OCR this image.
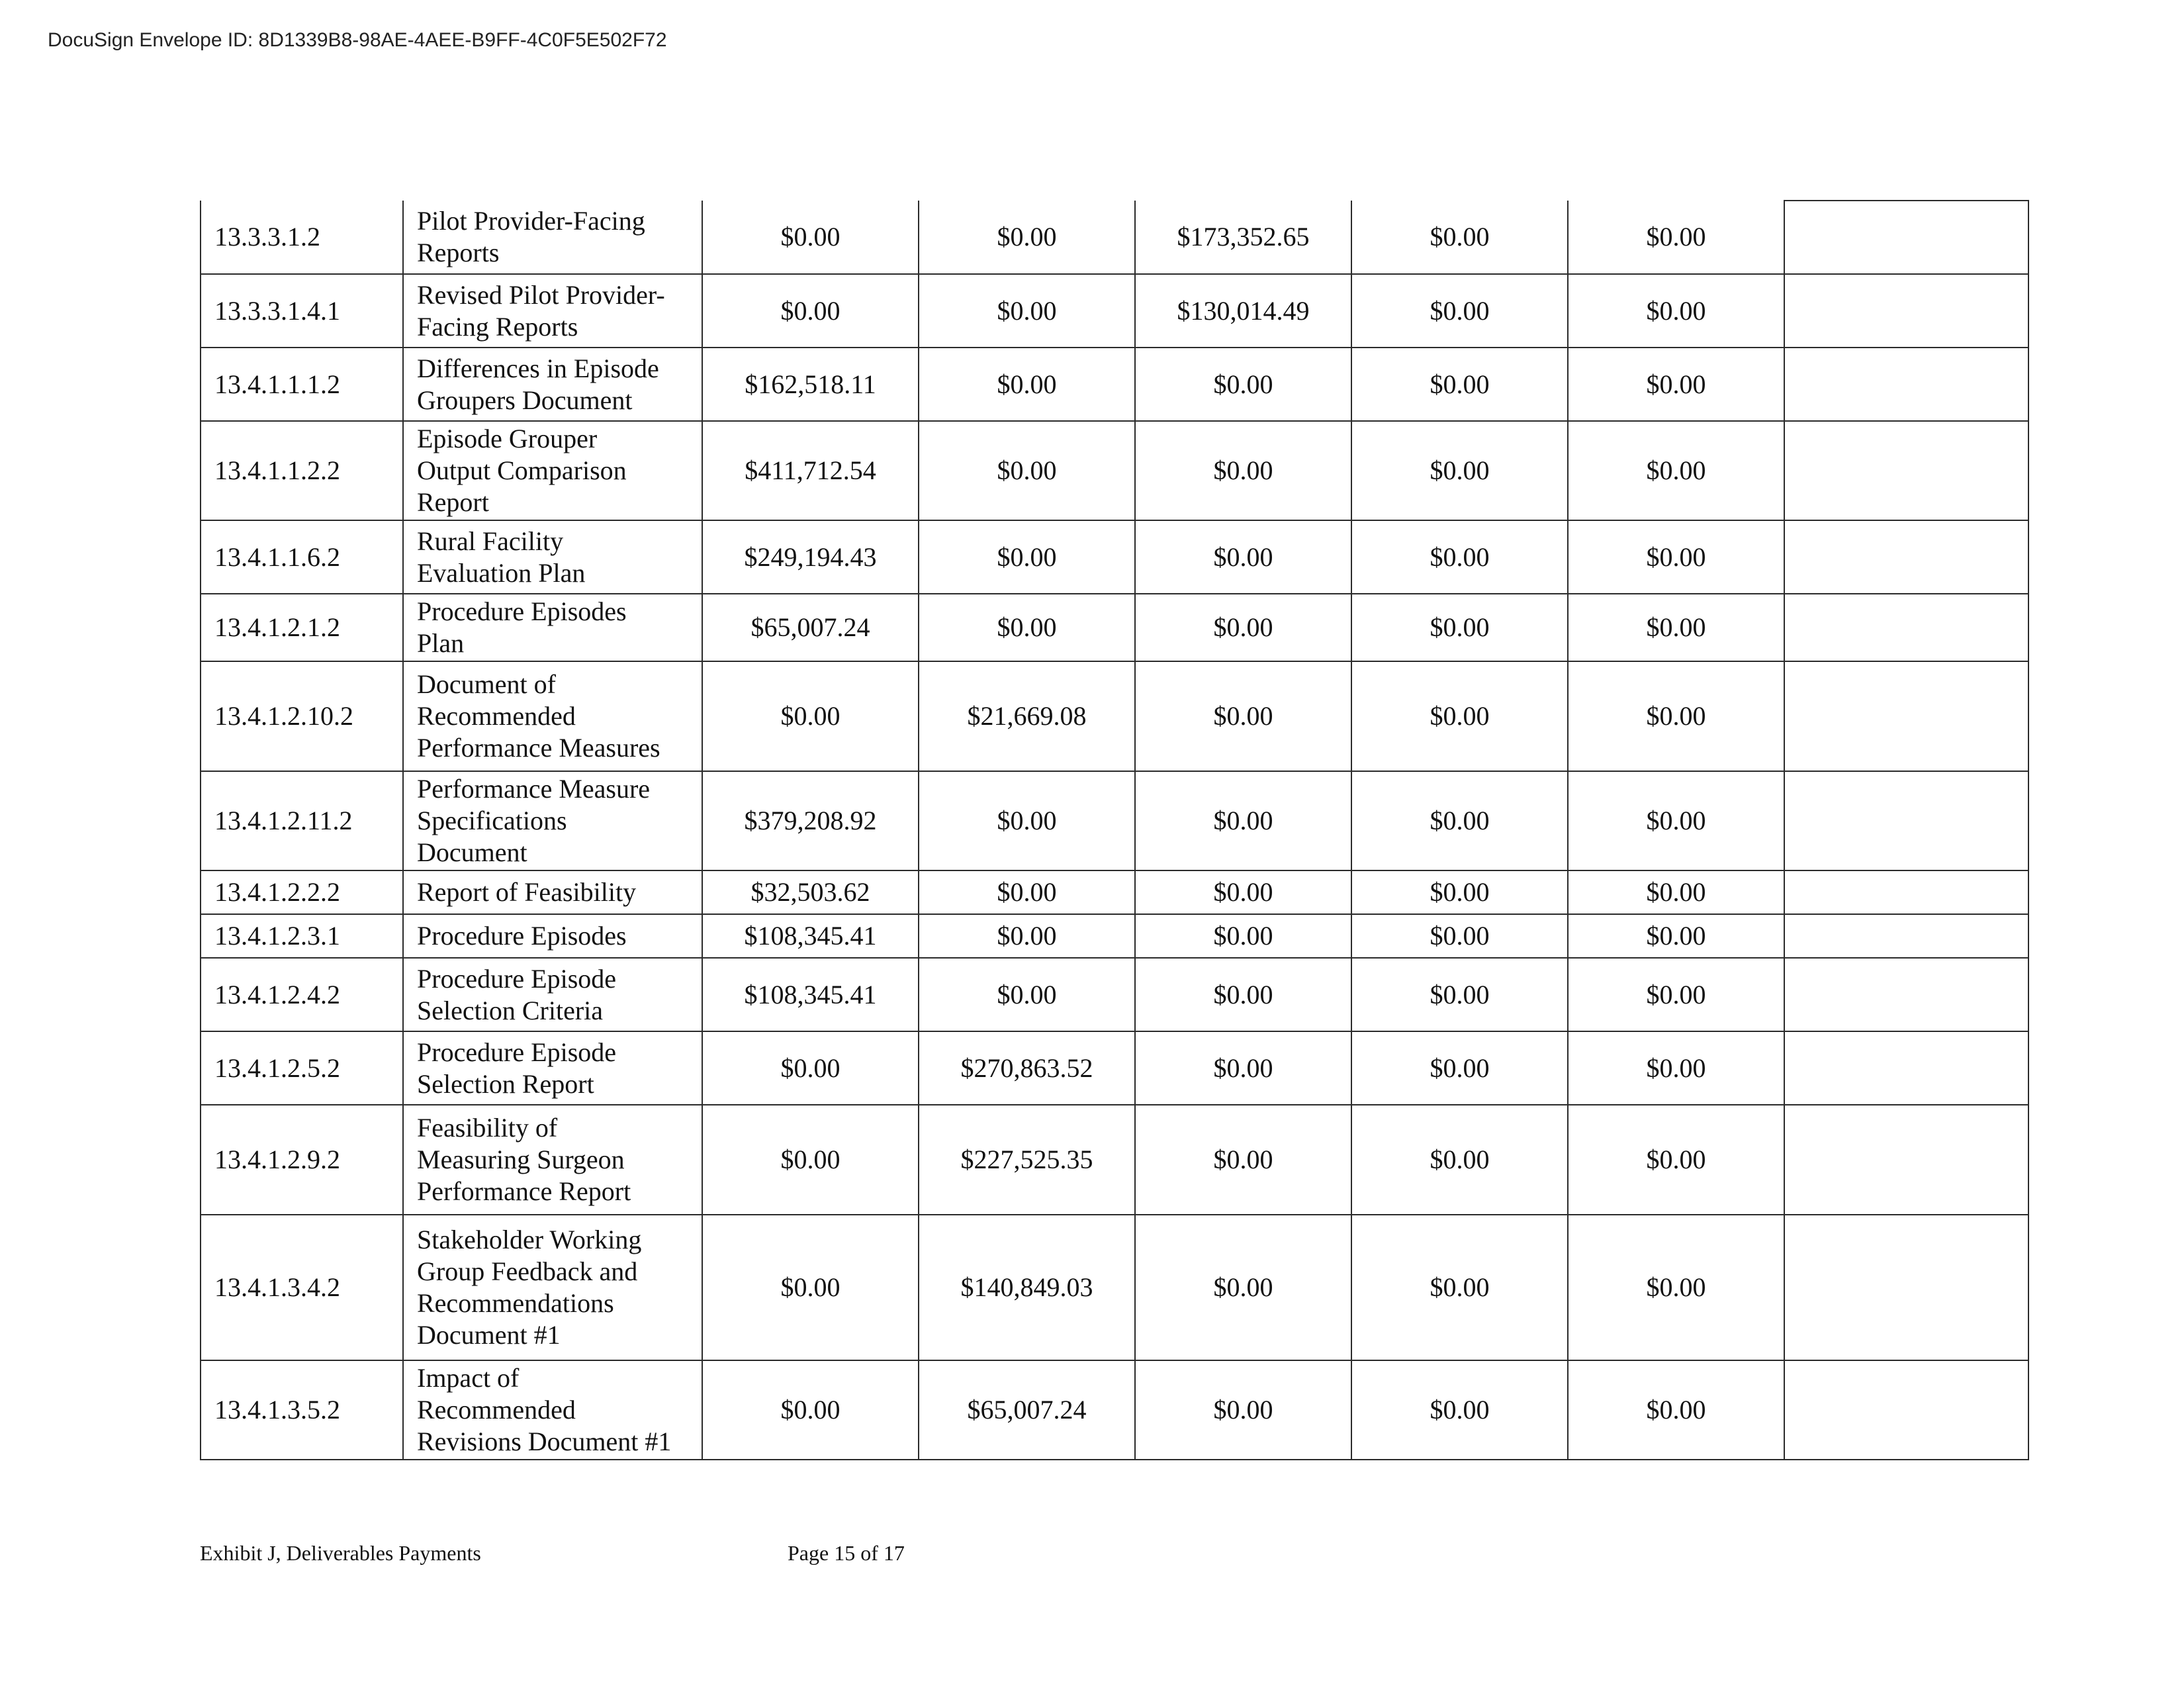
DocuSign Envelope ID: 8D1339B8-98AE-4AEE-B9FF-4C0F5E502F72
13.3.3.1.2	Pilot Provider-Facing
Reports	$0.00	$0.00	$173,352.65	$0.00	$0.00	
13.3.3.1.4.1	Revised Pilot Provider-
Facing Reports	$0.00	$0.00	$130,014.49	$0.00	$0.00	
13.4.1.1.1.2	Differences in Episode
Groupers Document	$162,518.11	$0.00	$0.00	$0.00	$0.00	
13.4.1.1.2.2	Episode Grouper
Output Comparison
Report	$411,712.54	$0.00	$0.00	$0.00	$0.00	
13.4.1.1.6.2	Rural Facility
Evaluation Plan	$249,194.43	$0.00	$0.00	$0.00	$0.00	
13.4.1.2.1.2	Procedure Episodes
Plan	$65,007.24	$0.00	$0.00	$0.00	$0.00	
13.4.1.2.10.2	Document of
Recommended
Performance Measures	$0.00	$21,669.08	$0.00	$0.00	$0.00	
13.4.1.2.11.2	Performance Measure
Specifications
Document	$379,208.92	$0.00	$0.00	$0.00	$0.00	
13.4.1.2.2.2	Report of Feasibility	$32,503.62	$0.00	$0.00	$0.00	$0.00	
13.4.1.2.3.1	Procedure Episodes	$108,345.41	$0.00	$0.00	$0.00	$0.00	
13.4.1.2.4.2	Procedure Episode
Selection Criteria	$108,345.41	$0.00	$0.00	$0.00	$0.00	
13.4.1.2.5.2	Procedure Episode
Selection Report	$0.00	$270,863.52	$0.00	$0.00	$0.00	
13.4.1.2.9.2	Feasibility of
Measuring Surgeon
Performance Report	$0.00	$227,525.35	$0.00	$0.00	$0.00	
13.4.1.3.4.2	Stakeholder Working
Group Feedback and
Recommendations
Document #1	$0.00	$140,849.03	$0.00	$0.00	$0.00	
13.4.1.3.5.2	Impact of
Recommended
Revisions Document #1	$0.00	$65,007.24	$0.00	$0.00	$0.00	
Exhibit J, Deliverables Payments	Page 15 of 17
